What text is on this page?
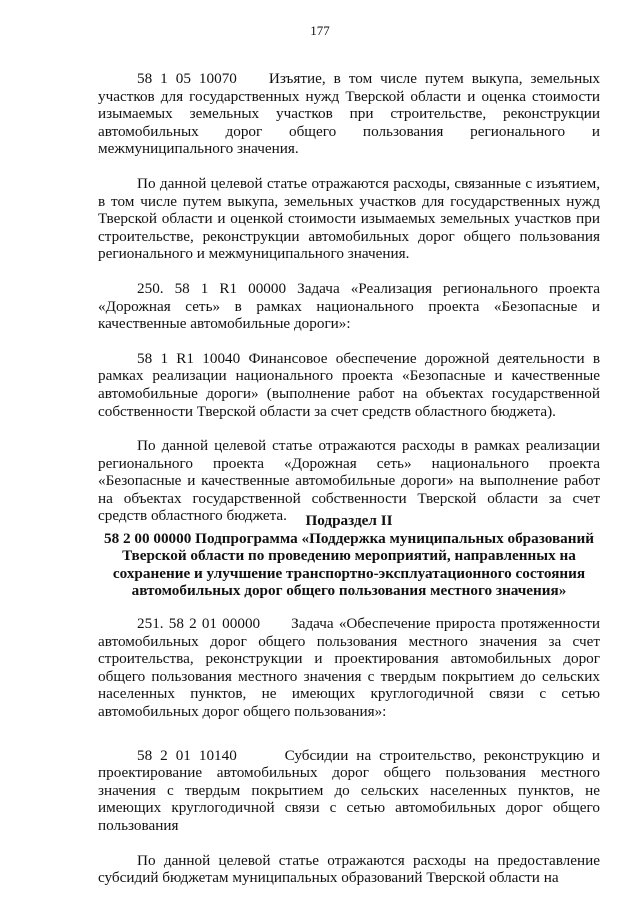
177

58 1 05 10070    Изъятие, в том числе путем выкупа, земельных участков для государственных нужд Тверской области и оценка стоимости изымаемых земельных участков при строительстве, реконструкции автомобильных дорог общего пользования регионального и межмуниципального значения.

По данной целевой статье отражаются расходы, связанные с изъятием, в том числе путем выкупа, земельных участков для государственных нужд Тверской области и оценкой стоимости изымаемых земельных участков при строительстве, реконструкции автомобильных дорог общего пользования регионального и межмуниципального значения.

250. 58 1 R1 00000 Задача «Реализация регионального проекта «Дорожная сеть» в рамках национального проекта «Безопасные и качественные автомобильные дороги»:

58 1 R1 10040 Финансовое обеспечение дорожной деятельности в рамках реализации национального проекта «Безопасные и качественные автомобильные дороги» (выполнение работ на объектах государственной собственности Тверской области за счет средств областного бюджета).

По данной целевой статье отражаются расходы в рамках реализации регионального проекта «Дорожная сеть» национального проекта «Безопасные и качественные автомобильные дороги» на выполнение работ на объектах государственной собственности Тверской области за счет средств областного бюджета.	Подраздел II
58 2 00 00000 Подпрограмма «Поддержка муниципальных образований
Тверской области по проведению мероприятий, направленных на
сохранение и улучшение транспортно-эксплуатационного состояния
автомобильных дорог общего пользования местного значения»

251. 58 2 01 00000      Задача «Обеспечение прироста протяженности автомобильных дорог общего пользования местного значения за счет строительства, реконструкции и проектирования автомобильных дорог общего пользования местного значения с твердым покрытием до сельских населенных пунктов, не имеющих круглогодичной связи с сетью автомобильных дорог общего пользования»:

58 2 01 10140      Субсидии на строительство, реконструкцию и проектирование автомобильных дорог общего пользования местного значения с твердым покрытием до сельских населенных пунктов, не имеющих круглогодичной связи с сетью автомобильных дорог общего пользования

По данной целевой статье отражаются расходы на предоставление субсидий бюджетам муниципальных образований Тверской области на
